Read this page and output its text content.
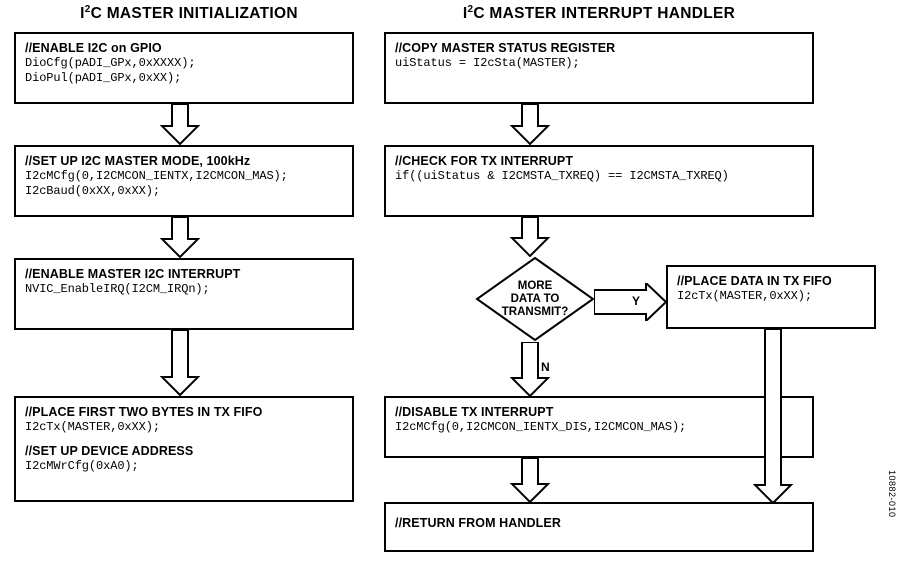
$I^2C$ MASTER INITIALIZATION	$I^2C$ MASTER INTERRUPT HANDLER
//ENABLE I2C on GPIO
DioCfg(pADI_GPx,0xXXXX);
DioPul(pADI_GPx,0xXX);
//SET UP I2C MASTER MODE, 100kHz
I2cMCfg(0,I2CMCON_IENTX,I2CMCON_MAS);
I2cBaud(0xXX,0xXX);
//ENABLE MASTER I2C INTERRUPT
NVIC_EnableIRQ(I2CM_IRQn);
//PLACE FIRST TWO BYTES IN TX FIFO
I2cTx(MASTER,0xXX);
//SET UP DEVICE ADDRESS
I2cMWrCfg(0xA0);
//COPY MASTER STATUS REGISTER
uiStatus = I2cSta(MASTER);
//CHECK FOR TX INTERRUPT
if((uiStatus & I2CMSTA_TXREQ) == I2CMSTA_TXREQ)
MORE
DATA TO
TRANSMIT?
//PLACE DATA IN TX FIFO
I2cTx(MASTER,0xXX);
//DISABLE TX INTERRUPT
I2cMCfg(0,I2CMCON_IENTX_DIS,I2CMCON_MAS);
//RETURN FROM HANDLER
Y
N
10882-010
